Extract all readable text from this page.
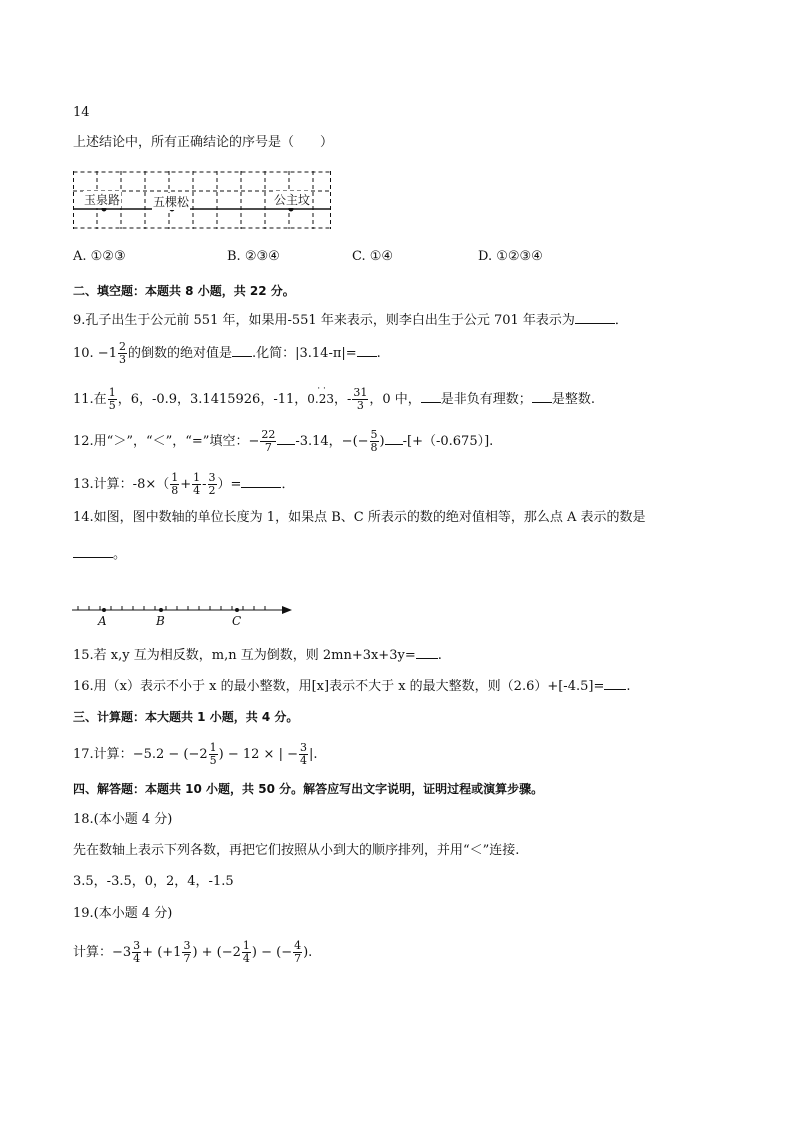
14
上述结论中，所有正确结论的序号是（　　）
玉泉路	五棵松	公主坟
A. ①②③	B. ②③④	C. ①④	D. ①②③④
二、填空题：本题共 8 小题，共 22 分。
9.孔子出生于公元前 551 年，如果用-551 年来表示，则李白出生于公元 701 年表示为	．
10. $-1 \frac{2}{3}$ 的倒数的绝对值是 .化简：|3.14-π|= .
11.在 $\frac{1}{5}$ ，6，-0.9，3.1415926，-11，
· ·
0.23，- $\frac{31}{3}$ ，0 中， 是非负有理数； 是整数.
12.用“＞”，“＜”，“=”填空：− $\frac{22}{7} -3.14$，−(− $\frac{5}{8}$ ) -[+（-0.675）].
13.计算：$-8\times( \frac{1}{8} + \frac{1}{4} - \frac{3}{2}$ ）=	．
14.如图，图中数轴的单位长度为 1，如果点 B、C 所表示的数的绝对值相等，那么点 A 表示的数是
。
A	B	C
15.若 x,y 互为相反数，m,n 互为倒数，则 2mn+3x+3y= .
16.用（x）表示不小于 x 的最小整数，用[x]表示不大于 x 的最大整数，则（2.6）+[-4.5]= .
三、计算题：本大题共 1 小题，共 4 分。
17.计算：$-5.2 - (-2 \frac{1}{5}$ ) − 12 × | − $\frac{3}{4}$ |.
四、解答题：本题共 10 小题，共 50 分。解答应写出文字说明，证明过程或演算步骤。
18.(本小题 4 分)
先在数轴上表示下列各数，再把它们按照从小到大的顺序排列，并用“＜”连接.
3.5，-3.5，0，2，4，-1.5
19.(本小题 4 分)
计算：$-3 \frac{3}{4} + (+1 \frac{3}{7}$ ) + ($-2 \frac{1}{4}$ ) − (− $\frac{4}{7}$ ).
